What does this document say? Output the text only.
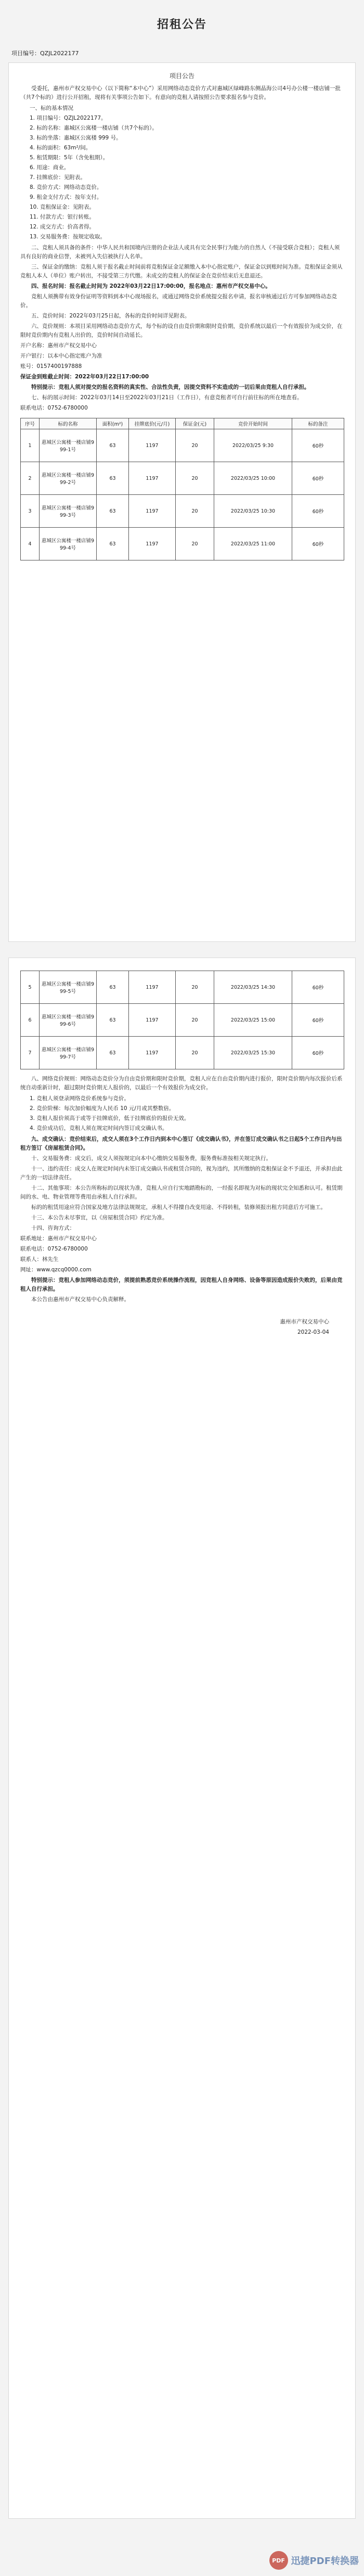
招租公告
项目编号：QZJL2022177
项目公告

受委托，惠州市产权交易中心（以下简称“本中心”）采用网络动态竞价方式对惠城区绿峰路东侧晶海公司4号办公楼一楼店铺一批（共7个标的）进行公开招租，现将有关事项公告如下。有意向的竞租人请按照公告要求报名参与竞价。

一、标的基本情况
1. 项目编号：QZJL2022177。
2. 标的名称：惠城区公寓楼一楼店铺（共7个标的）。
3. 标的坐落：惠城区公寓楼 999 号。
4. 标的面积：63m²/间。
5. 租赁期限：5年（含免租期）。
6. 用途：商业。
7. 挂牌底价：见附表。
8. 竞价方式：网络动态竞价。
9. 租金支付方式：按年支付。
10. 竞租保证金：见附表。
11. 付款方式：银行转账。
12. 成交方式：价高者得。
13. 交易服务费：按规定收取。

二、竞租人须具备的条件：中华人民共和国境内注册的企业法人或具有完全民事行为能力的自然人（不接受联合竞租）；竞租人须具有良好的商业信誉，未被列入失信被执行人名单。

三、保证金的缴纳：竞租人须于报名截止时间前将竞租保证金足额缴入本中心指定账户，保证金以到账时间为准。竞租保证金须从竞租人本人（单位）账户转出，不接受第三方代缴。未成交的竞租人的保证金在竞价结束后无息退还。

四、报名时间：报名截止时间为 2022年03月22日17:00:00，报名地点：惠州市产权交易中心。

竞租人须携带有效身份证明等资料到本中心现场报名，或通过网络竞价系统提交报名申请，报名审核通过后方可参加网络动态竞价。

五、竞价时间：2022年03月25日起，各标的竞价时间详见附表。

六、竞价规则：本项目采用网络动态竞价方式，每个标的设自由竞价期和限时竞价期，竞价系统以最后一个有效报价为成交价，在限时竞价期内有竞租人出价的，竞价时间自动延长。

开户名称：惠州市产权交易中心

开户银行：以本中心指定账户为准

账号：0157400197888

保证金到账截止时间：2022年03月22日17:00:00

特别提示：竞租人须对提交的报名资料的真实性、合法性负责，因提交资料不实造成的一切后果由竞租人自行承担。

七、标的展示时间：2022年03月14日至2022年03月21日（工作日），有意竞租者可自行前往标的所在地查看。

联系电话：0752-6780000

序号	标的名称	面积(m²)	挂牌底价(元/月)	保证金(元)	竞价开始时间	标的备注
1	惠城区公寓楼一楼店铺999-1号	63	1197	20	2022/03/25 9:30	60秒
2	惠城区公寓楼一楼店铺999-2号	63	1197	20	2022/03/25 10:00	60秒
3	惠城区公寓楼一楼店铺999-3号	63	1197	20	2022/03/25 10:30	60秒
4	惠城区公寓楼一楼店铺999-4号	63	1197	20	2022/03/25 11:00	60秒
5	惠城区公寓楼一楼店铺999-5号	63	1197	20	2022/03/25 14:30	60秒
6	惠城区公寓楼一楼店铺999-6号	63	1197	20	2022/03/25 15:00	60秒
7	惠城区公寓楼一楼店铺999-7号	63	1197	20	2022/03/25 15:30	60秒

八、网络竞价规则：网络动态竞价分为自由竞价期和限时竞价期，竞租人应在自由竞价期内进行报价，限时竞价期内每次报价后系统自动重新计时，超过限时竞价期无人报价的，以最后一个有效报价为成交价。

1. 竞租人须登录网络竞价系统参与竞价。
2. 竞价阶梯：每次加价幅度为人民币 10 元/月或其整数倍。
3. 竞租人报价须高于或等于挂牌底价，低于挂牌底价的报价无效。
4. 竞价成功后，竞租人须在规定时间内签订成交确认书。

九、成交确认：竞价结束后，成交人须在3个工作日内到本中心签订《成交确认书》，并在签订成交确认书之日起5个工作日内与出租方签订《房屋租赁合同》。

十、交易服务费：成交后，成交人须按规定向本中心缴纳交易服务费，服务费标准按相关规定执行。

十一、违约责任：成交人在规定时间内未签订成交确认书或租赁合同的，视为违约，其所缴纳的竞租保证金不予退还，并承担由此产生的一切法律责任。

十二、其他事项：本公告所称标的以现状为准，竞租人应自行实地踏勘标的，一经报名即视为对标的现状完全知悉和认可。租赁期间的水、电、物业管理等费用由承租人自行承担。

标的的租赁用途应符合国家及地方法律法规规定，承租人不得擅自改变用途、不得转租，装修须报出租方同意后方可施工。

十三、本公告未尽事宜，以《房屋租赁合同》约定为准。

十四、咨询方式：

联系地址：惠州市产权交易中心

联系电话：0752-6780000

联系人：林先生

网址：www.qzcq0000.com

特别提示：竞租人参加网络动态竞价，须提前熟悉竞价系统操作流程，因竞租人自身网络、设备等原因造成报价失败的，后果由竞租人自行承担。

本公告由惠州市产权交易中心负责解释。

惠州市产权交易中心
2022-03-04
PDF 迅捷PDF转换器
